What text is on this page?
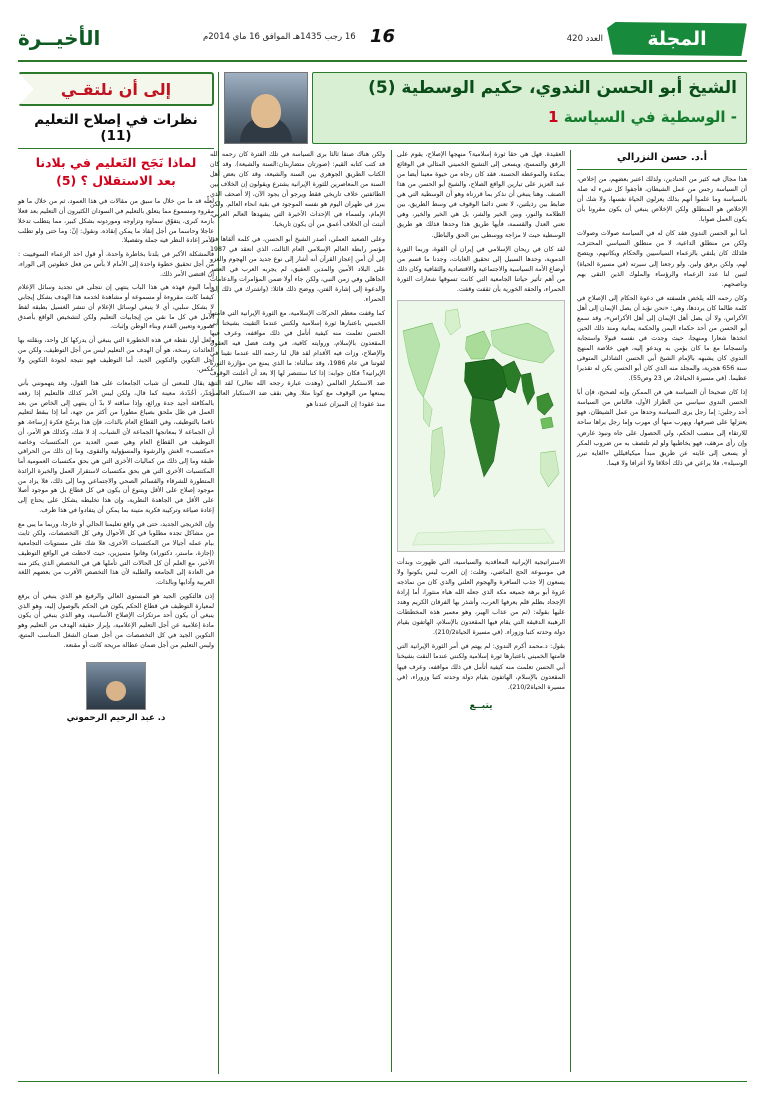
المجلة
العدد 420
16 رجب 1435هـ الموافق 16 ماي 2014م 16
الأخيــرة
إلى أن نلتقـي
نظرات في إصلاح التعليم (11)
لماذا نَجَح التَعليم في بلادنا
بعد الاستقلال ؟ (5)

لعلّه قد ما من خلال ما سبق من مقالات في هذا العمود، ثم من خلال ما هو مقروء ومسموع مما يتعلق بالتعليم في السودان الكثيرون أن التعليم بعد فعلا بازمة كبرى، يتفوّق سماوه وتزاوجه وموردونه بشكل كبير، مما يتطلب تدخلا عاجلا وحاسما من أجل إنقاذ ما يمكن إنقاذه. ونقول: إنّ: وما حتى ولو تطلب الأمر إعادة النظر فيه جملة وتفصيلا.

فالمشكلة الأكبر في بلدنا بخاطرة واحدة، أو قول احد الزعماء السوفييت : من أجل تحقيق خطوة واحدة إلى الأمام لا بأس من فعل خطوتين إلى الوراء، إن اقتضى الأمر ذلك.

وأما اليوم فهذه هي هذا الباب ينتهي إن نتجلى في تجديد وسائل الإعلام كيفما كانت مقروءة أو مسموعة أو مشاهدة لخدمة هذا الهدف بشكل إيجابي لا بشكل سلبي، أي لا ينبغي لوسائل الإعلام أن تنشر الغسيل بطبقة لفظ الأمل في كل ما نقي من إيجابيات التعليم ولكن لتشخيص الواقع بأصدق تصوره وتعيين القدم وبناء الوطن وإثبات.

ولعل أول نقطة في هذه الخطورة التي ينبغي أن يدركها كل واحد، وبقلته بها العائدات رسخة، هو أن الهدف من التعليم ليس من أجل التوظيف، ولكن من أجل التكوين والتكوين الجيد. أما التوظيف فهو نتيجة لجودة التكوين ولا عكس.

قد يقال للمعنى أن شباب الجامعات على هذا القول، وقد يتهمونني بأني أخدّر، أخُدّدة، معينة كما قال، ولكن ليس الأمر كذلك فالتعليم إذا رفعه بالمكافئة أجيد جدة ورائع، وإذا ساقته لا بدّ أن ينتهي إلى الخاص من بعد العمل في ظل ملحق بصياغ مطورا من أكثر من جهة، أما إذا ببقط لتعليم ناقما بالتوظيف، وفي القطاع العام بالذات، فإن هذا يرسّخ فكرة إرساءة، هو أن الجماعة لا بمعانجها الجماعة لأن الشباب، إذ لا شك، وكذلك هو الأمر، أن التوظيف في القطاع العام وهي ضمن العديد من المكتسبات وخاصة «مكتسب» الغش والرشوة والمسؤولية والتقوى، وما إن ذلك من الحرافي طبقة وما إلى ذلك من كماليات الأخرى التي هي بحق مكتسبات العمومية أما المكتسبات الأخرى التي هي بحق مكتسبات لاستقرار العمل والخبرة الرائدة المتطورة للشرقاء والقسائم الصحي والاجتماعي وما إلى ذلك، فلا يزاد من موجود إصلاح على الأقل ويتنوع أن يكون في كل قطاع بل هو موجود أصلا على الأقل في الجاهدة النظرية، وإن هذا تخليطه يشكل على يحتاج إلى إعادة صياغة وتركيبة فكرية متينة بما يمكن أن يتفادوا في هذا ظرف.

وإن الخريجي الجديد، حتى في واقع تعليمنا الحالي أو خارجا، وربما ما يبي مع من مشاكل تجده مطلوبا في كل الأحوال وفي كل التخصصات، ولكن ثابت ببام عمله أجيالا من المكتسبات الأخرى، فلا شك على مستويات التجامعية (إجازة، ماستر، دكتوراه) وفانوا متميزين، حيث لاحظت في الواقع التوظيف الأخير، مع العلم أن كل الحالات التي تأملها هي في التخصص الذي يكثر منه في العادة إلى الجامعة والطلبة لأن هذا التخصص الأقرب من بعضهم اللغة العربية وآدابها وبالذات.

إذن فالتكوين الجيد هو المستوى العالي والرفيع هو الذي ينبغي أن يرفع لمعيارة التوظيف في قطاع الحكم يكون في الحكم بالوصول إليه، وهو الذي ينبغي أن يكون أحد مرتكزات الإصلاح الأساسية، وهو الذي ينبغي أن يكون مادة إعلامية عن أجل التعليم الإعلامية، بإبراز حقيقة الهدف من التعليم وهو التكوين الجيد في كل التخصصات من أجل ضمان الشغل المناسب المتبع، وليس التعليم من أجل ضمان عطالة مريحة كانت أو مقنعة.

د. عبد الرحيم الرحموني
الشيخ أبو الحسن الندوي، حكيم الوسطية (5)
- الوسطية في السياسة 1
أ.د. حسن النزرالي

هذا مجال فيه كثير من الحنادين، ولذلك اعتبر بعضهم، من إخلاص، أن السياسة رجس من عمل الشيطان، فأجفوا كل شيء له صلة بالسياسة وما علموا أنهم بذلك يعزلون الحياة نفسها، ولا شك أن الإخلاص هو المنطلق ولكن الإخلاص ينبغي أن يكون مقرونا بأن يكون العمل صوابا.

أما أبو الحسن الندوي فقد كان له في السياسة صولات وصولات ولكن من منطلق الداعية، لا من منطلق السياسي المحترف، فلذلك كان يلتقي بالزعماء السياسيين والحكام ويكاتبهم، ويتصح لهم، ولكن برفق ولين. ولو رجعنا إلى سيرته (في مسيرة الحياة) لتبين لنا عدد الزعماء والرؤساء والملوك الذين التقى بهم وناصحهم.

وكان رحمه الله يلخص فلسفته في دعوة الحكام إلى الإصلاح في كلمة طالما كان يرددها، وهي: «نحن نؤيد أن يصل الإيمان إلى أهل الأكراس، ولا أن يصل أهل الإيمان إلى أهل الأكراس»، وقد سمع أبو الحسن من أحد حكماء اليمن والحكمة يمانية ومنذ ذلك الحين اتخذها شعارا ومنهجا، حيث وجدت في نفسه قبولا واستجابة وانسجاما مع ما كان يؤمن به ويدعو إليه، فهي خلاصة المنهج الندوي كان يشبهه بالإمام الشيخ أبي الحسن الشاذلي المتوفى سنة 656 هجرية، والمجلد منه الذي كان أبو الحسن يكن له تقديرا عظيما. (في مسيرة الحياة2، ص 23 وص55).

إذا كان صحيحا أن السياسة هي فن الممكن وإنه لصحيح، فإن أبا الحسن الندوي سياسي من الطراز الأول، فالناس من السياسة أحد رجلين: إما رجل يرى السياسة وحدها من عمل الشيطان، فهو يعتزلها على صيرفها، ويهرب منها أي مهرب وإما رجل يراها ساحة للارتقاء إلى منصب الحكم، ولي الحصول على جاه ونبوذ عارض، وإن رأى مرهف، فهو يخاطبها ولو لم تلتصف به من ضروب المكر أو يسعى إلى غايته عن طريق مبدأ ميكيافيللي «الغاية تبرر الوسيلة»، فلا يراعي في ذلك أخلاقا ولا أعرافا ولا قيما.

العقيدة. فهل هي حقا ثورة إسلامية؟ منهجها الإصلاح، يقوم على الرفق والتمسح، ويسعى إلى التشيح الخميني المثالي في الوقائع بمكدة والموعظة الحسنة. فقد كان رجاه من حيوة معينا أيضا من عبد العزيز على تيارين الواقع الصلاح، والشيخ أبو الحسن من هذا الصنف. وهنا ينبغي أن نذكر بما قررناه وهو أن الوسطية التي هي ضابط بين رذيلتين، لا تعني دائما الوقوف في وسط الطريق، بين الظلامة والنور، وبين الخير والشر، بل هي الخير والخير، وهي تعني العدل والقسمة، فأيها طريق هذا وحدها فذلك هو طريق الوسطية حيث لا مزاجة ووسطى بين الحق والباطل.

لقد كان في ريحان الإسلامي في إيران أن القوة، وربما الثورة الدموية، وحدها السبيل إلى تحقيق الغايات، وجدنا ما قسم من أوضاع الأمة السياسية والاجتماعية والاقتصادية والثقافية وكان ذلك من أهم تأثير حياتنا الجامعية التي كانت تسوقها شعارات الثورة الحمراء، والحقة الخورية بأن ثقفت وقفت.

الاستراتيجية الإيرانية المعاقدية والسياسية، التي ظهورت وبدأت في موسوعة الحج الماضي، وقلت: إن العرب ليس يكونوا ولا يسعون إلا جذب السافرة والهجوم العلني والذي كان من نماذجه غزوة أبو برهة جميعه مكة الذي جعله الله هباء منثورا، أما إرادة الإجحاد بظلم قلم يعرفها العرب، وأشذر بها الفرقان الكريم وهدد عليها بقوله: (ثم من عذاب الهبر، وهو معمير هذه المخططات الرهيبة الدقيقة التي يقام فيها المقعدون بالإسلام، الهاتفون بقيام دولة وحدته كتبا وزوراء. (في مسيرة الحياة210/2).

بقول: د.محمد أكرم الندوي: لم يهتم في أمر الثورة الإيرانية التي قامتها الخميني باعتبارها ثورة إسلامية ولكنني عندما النقت بشيخنا أبي الحسن تعلمت منه كيفية أتأمل في ذلك مواقفه، وعرف فيها المقعدون بالإسلام، الهاتفون بقيام دولة وحدته كتبا وزوراء، (في مسيرة الحياة210/2).

يتبــع

ولكن هناك صنفا ثالثا برى السياسة في تلك الفترة كان رحمه الله قد كتب كتابه القيم: (صورتان متضاربتان:السنة والشيعة). وقد كان الكتاب الطريق الجوهري بين السنة والشيعة، وقد كان بعض أهل السنة من المعاصرين للثورة الإيرانية يشترع ويقولون إن الخلاف بين الطائفتين خلاف تاريخي فقط ويرجو أن يجود الآن، إلا أصحف الذي يبرز في طهران اليوم هو نفسه الموجود في بقية انحاء العالم. ولكن الإمام، ولسماء في الإحداث الأخيرة التي يشهدها العالم العربي، أثبتت أن الخلاف أعمق من أن يكون تاريخيا.

وعلى الصعيد العملي، أصدر الشيخ أبو الحسن، في كلمة ألقاها في مؤتمر رابطة العالم الإسلامي العام الثالث، الذي انعقد في 1987 إلى أن أمن إعجاز القرآن أنه أشار إلى نوع جديد من الهجوم والغزو على البلاد الأمين والمدين العقيق، لم يجربه العرب في العصر الجاهلي وفي زمن النبي، ولكن جاء أولا ضمن المؤامرات والدعامات والدعوة إلى إشارة الفتن، ووضح ذلك قائلا: (واشترك في ذلك إلى الحمراء.

كما وقفت معظم الحركات الإسلامية، مع الثورة الإيرانية التي قامتها الخميني باعتبارها ثورة إسلامية ولكنني عندما التقيت بشيخنا أبي الحسن تعلمت منه كيفية أتأمل في ذلك مواقفه، وعرف فيها المقعدون بالإسلام، وروايته كافية، في وقت فضل فيه العقول والإصلاح، وزات فيه الأقدام لقد قال لنا رحمه الله عندما نقينا في لقوتنا في عام 1986، وقد سألناه: ما الذي يمنع من مؤازرة الثورة الإيرانية؟ فكان جوابه: إذا كنا ستتنصر لها إلا بعد أن أعلنت الوقوف ضد الاستكبار العالمي (وهدت عبارة رجحه الله تعالى) لقد التي يمنعها من الوقوف مع كونا مثلا. وهي نقف ضد الاستكبار العالمي منذ عقود! إن الميزان عندنا هو
